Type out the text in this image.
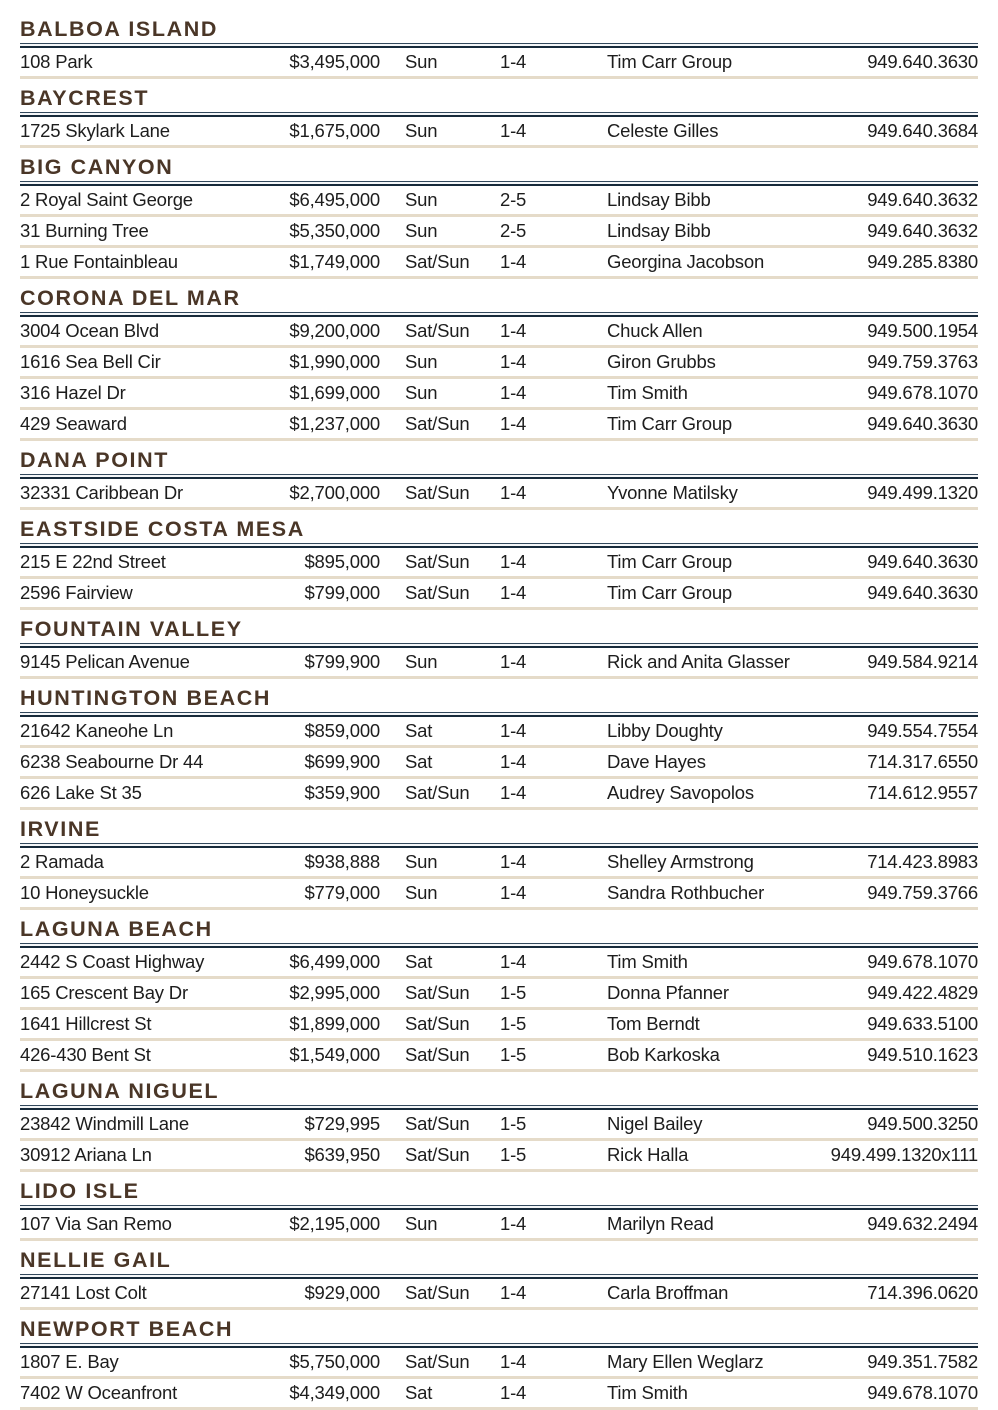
BALBOA ISLAND
108 Park	$3,495,000	Sun	1-4	Tim Carr Group	949.640.3630
BAYCREST
1725 Skylark Lane	$1,675,000	Sun	1-4	Celeste Gilles	949.640.3684
BIG CANYON
2 Royal Saint George	$6,495,000	Sun	2-5	Lindsay Bibb	949.640.3632
31 Burning Tree	$5,350,000	Sun	2-5	Lindsay Bibb	949.640.3632
1 Rue Fontainbleau	$1,749,000	Sat/Sun	1-4	Georgina Jacobson	949.285.8380
CORONA DEL MAR
3004 Ocean Blvd	$9,200,000	Sat/Sun	1-4	Chuck Allen	949.500.1954
1616 Sea Bell Cir	$1,990,000	Sun	1-4	Giron Grubbs	949.759.3763
316 Hazel Dr	$1,699,000	Sun	1-4	Tim Smith	949.678.1070
429 Seaward	$1,237,000	Sat/Sun	1-4	Tim Carr Group	949.640.3630
DANA POINT
32331 Caribbean Dr	$2,700,000	Sat/Sun	1-4	Yvonne Matilsky	949.499.1320
EASTSIDE COSTA MESA
215 E 22nd Street	$895,000	Sat/Sun	1-4	Tim Carr Group	949.640.3630
2596 Fairview	$799,000	Sat/Sun	1-4	Tim Carr Group	949.640.3630
FOUNTAIN VALLEY
9145 Pelican Avenue	$799,900	Sun	1-4	Rick and Anita Glasser	949.584.9214
HUNTINGTON BEACH
21642 Kaneohe Ln	$859,000	Sat	1-4	Libby Doughty	949.554.7554
6238 Seabourne Dr 44	$699,900	Sat	1-4	Dave Hayes	714.317.6550
626 Lake St 35	$359,900	Sat/Sun	1-4	Audrey Savopolos	714.612.9557
IRVINE
2 Ramada	$938,888	Sun	1-4	Shelley Armstrong	714.423.8983
10 Honeysuckle	$779,000	Sun	1-4	Sandra Rothbucher	949.759.3766
LAGUNA BEACH
2442 S Coast Highway	$6,499,000	Sat	1-4	Tim Smith	949.678.1070
165 Crescent Bay Dr	$2,995,000	Sat/Sun	1-5	Donna Pfanner	949.422.4829
1641 Hillcrest St	$1,899,000	Sat/Sun	1-5	Tom Berndt	949.633.5100
426-430 Bent St	$1,549,000	Sat/Sun	1-5	Bob Karkoska	949.510.1623
LAGUNA NIGUEL
23842 Windmill Lane	$729,995	Sat/Sun	1-5	Nigel Bailey	949.500.3250
30912 Ariana Ln	$639,950	Sat/Sun	1-5	Rick Halla	949.499.1320x111
LIDO ISLE
107 Via San Remo	$2,195,000	Sun	1-4	Marilyn Read	949.632.2494
NELLIE GAIL
27141 Lost Colt	$929,000	Sat/Sun	1-4	Carla Broffman	714.396.0620
NEWPORT BEACH
1807 E. Bay	$5,750,000	Sat/Sun	1-4	Mary Ellen Weglarz	949.351.7582
7402 W Oceanfront	$4,349,000	Sat	1-4	Tim Smith	949.678.1070
